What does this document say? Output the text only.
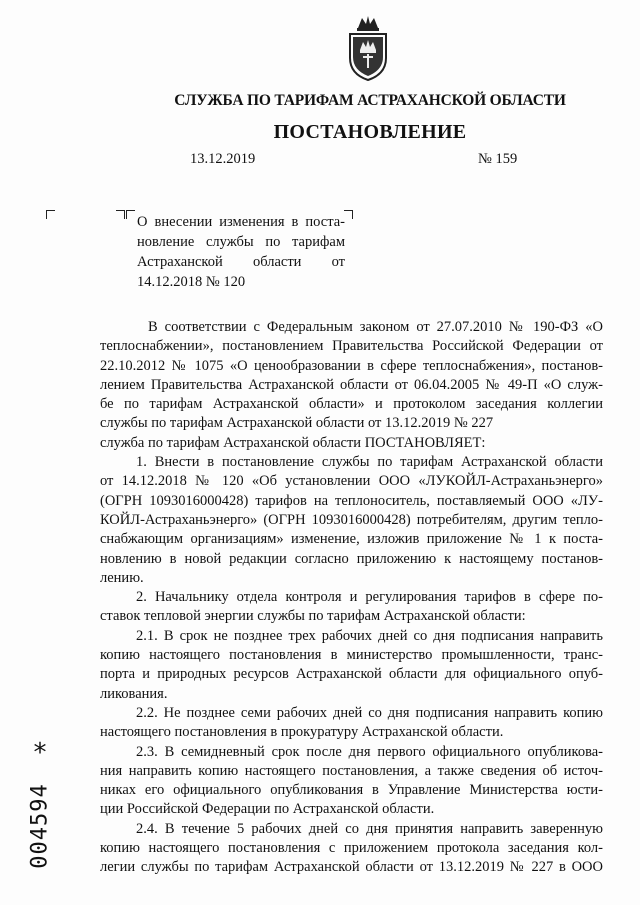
СЛУЖБА ПО ТАРИФАМ АСТРАХАНСКОЙ ОБЛАСТИ
ПОСТАНОВЛЕНИЕ
13.12.2019	№ 159
О внесении изменения в поста-
новление службы по тарифам
Астраханской области от
14.12.2018 № 120
В соответствии с Федеральным законом от 27.07.2010 № 190-ФЗ «О
теплоснабжении», постановлением Правительства Российской Федерации от
22.10.2012 № 1075 «О ценообразовании в сфере теплоснабжения», постанов-
лением Правительства Астраханской области от 06.04.2005 № 49-П «О служ-
бе по тарифам Астраханской области» и протоколом заседания коллегии
службы по тарифам Астраханской области от 13.12.2019 № 227
служба по тарифам Астраханской области ПОСТАНОВЛЯЕТ:
1. Внести в постановление службы по тарифам Астраханской области
от 14.12.2018 № 120 «Об установлении ООО «ЛУКОЙЛ-Астраханьэнерго»
(ОГРН 1093016000428) тарифов на теплоноситель, поставляемый ООО «ЛУ-
КОЙЛ-Астраханьэнерго» (ОГРН 1093016000428) потребителям, другим тепло-
снабжающим организациям» изменение, изложив приложение № 1 к поста-
новлению в новой редакции согласно приложению к настоящему постанов-
лению.
2. Начальнику отдела контроля и регулирования тарифов в сфере по-
ставок тепловой энергии службы по тарифам Астраханской области:
2.1. В срок не позднее трех рабочих дней со дня подписания направить
копию настоящего постановления в министерство промышленности, транс-
порта и природных ресурсов Астраханской области для официального опуб-
ликования.
2.2. Не позднее семи рабочих дней со дня подписания направить копию
настоящего постановления в прокуратуру Астраханской области.
2.3. В семидневный срок после дня первого официального опубликова-
ния направить копию настоящего постановления, а также сведения об источ-
никах его официального опубликования в Управление Министерства юсти-
ции Российской Федерации по Астраханской области.
2.4. В течение 5 рабочих дней со дня принятия направить заверенную
копию настоящего постановления с приложением протокола заседания кол-
легии службы по тарифам Астраханской области от 13.12.2019 № 227 в ООО
*
004594
